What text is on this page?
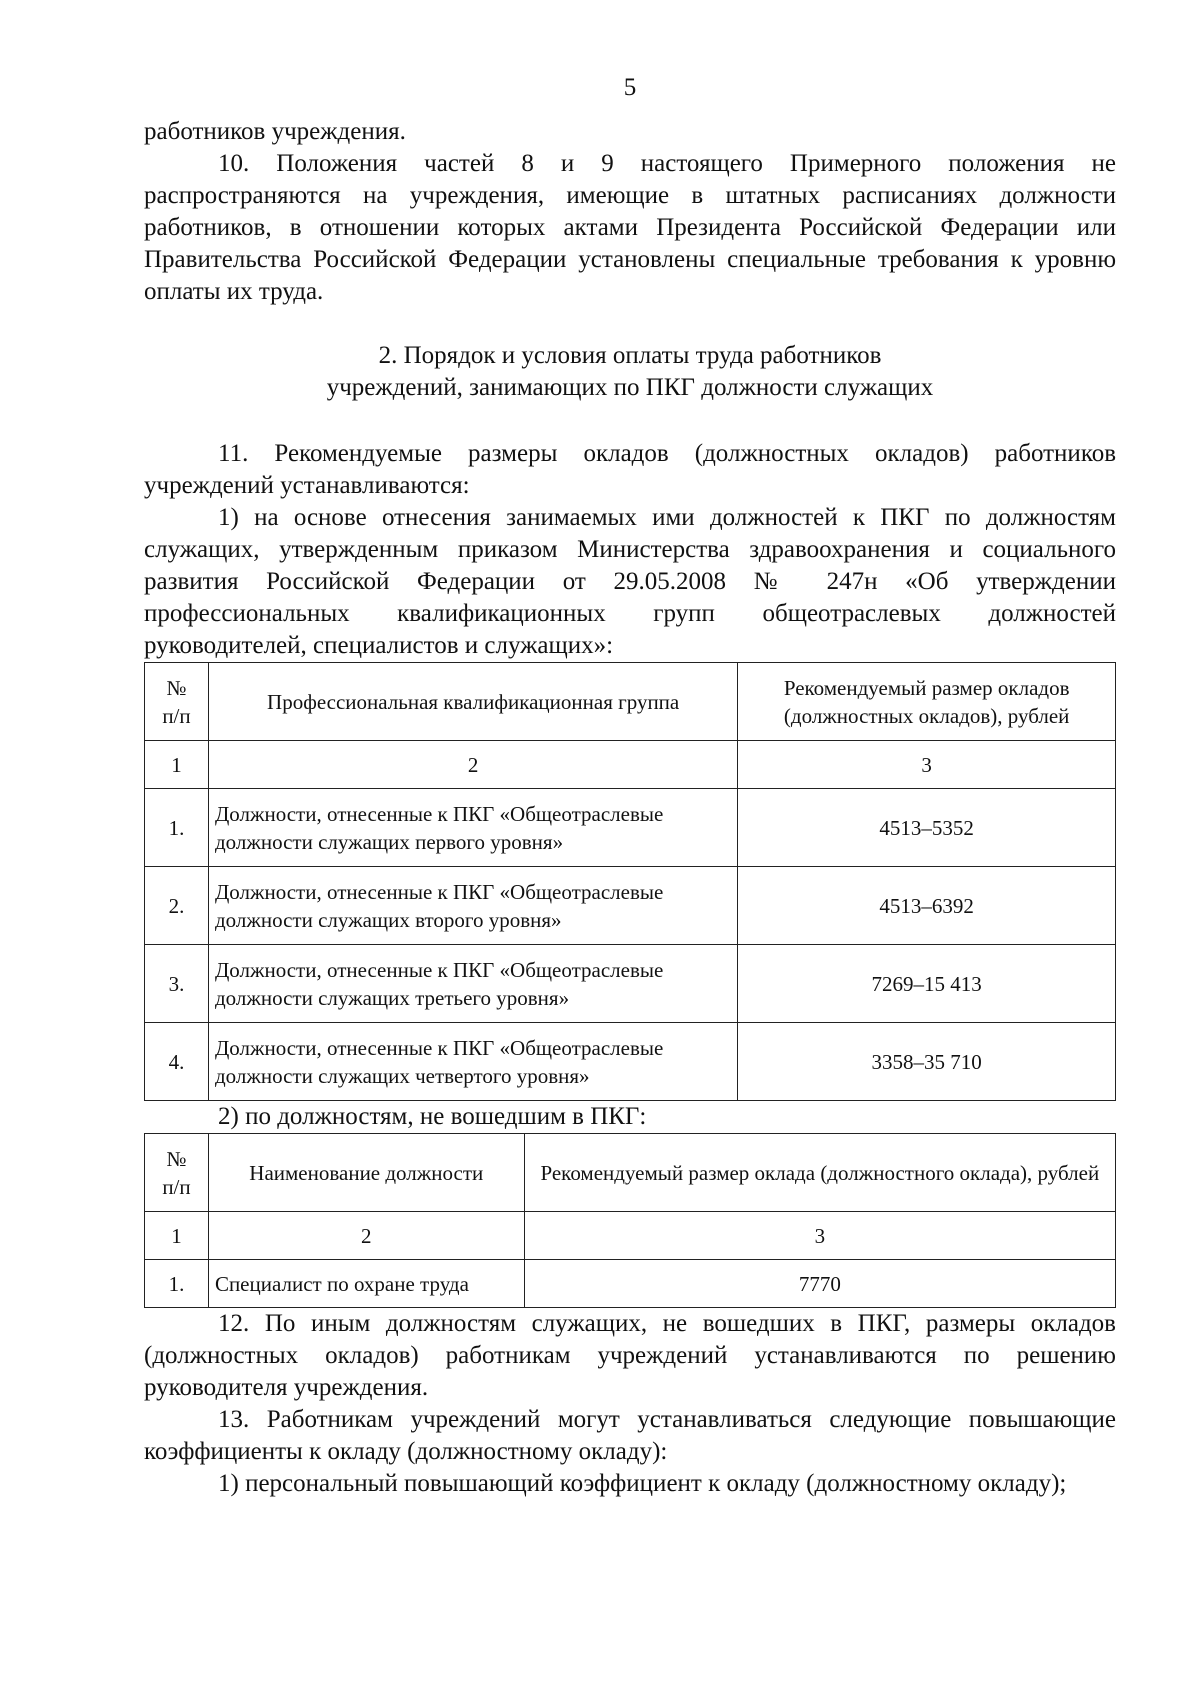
5

работников учреждения.

10. Положения частей 8 и 9 настоящего Примерного положения не распространяются на учреждения, имеющие в штатных расписаниях должности работников, в отношении которых актами Президента Российской Федерации или Правительства Российской Федерации установлены специальные требования к уровню оплаты их труда.

2. Порядок и условия оплаты труда работников
учреждений, занимающих по ПКГ должности служащих

11. Рекомендуемые размеры окладов (должностных окладов) работников учреждений устанавливаются:

1) на основе отнесения занимаемых ими должностей к ПКГ по должностям служащих, утвержденным приказом Министерства здравоохранения и социального развития Российской Федерации от 29.05.2008 № 247н «Об утверждении профессиональных квалификационных групп общеотраслевых должностей руководителей, специалистов и служащих»:

№
п/п	Профессиональная квалификационная группа	Рекомендуемый размер окладов (должностных окладов), рублей
1	2	3
1.	Должности, отнесенные к ПКГ «Общеотраслевые должности служащих первого уровня»	4513–5352
2.	Должности, отнесенные к ПКГ «Общеотраслевые должности служащих второго уровня»	4513–6392
3.	Должности, отнесенные к ПКГ «Общеотраслевые должности служащих третьего уровня»	7269–15 413
4.	Должности, отнесенные к ПКГ «Общеотраслевые должности служащих четвертого уровня»	3358–35 710

2) по должностям, не вошедшим в ПКГ:

№
п/п	Наименование должности	Рекомендуемый размер оклада (должностного оклада), рублей
1	2	3
1.	Специалист по охране труда	7770

12. По иным должностям служащих, не вошедших в ПКГ, размеры окладов (должностных окладов) работникам учреждений устанавливаются по решению руководителя учреждения.

13. Работникам учреждений могут устанавливаться следующие повышающие коэффициенты к окладу (должностному окладу):

1) персональный повышающий коэффициент к окладу (должностному окладу);
